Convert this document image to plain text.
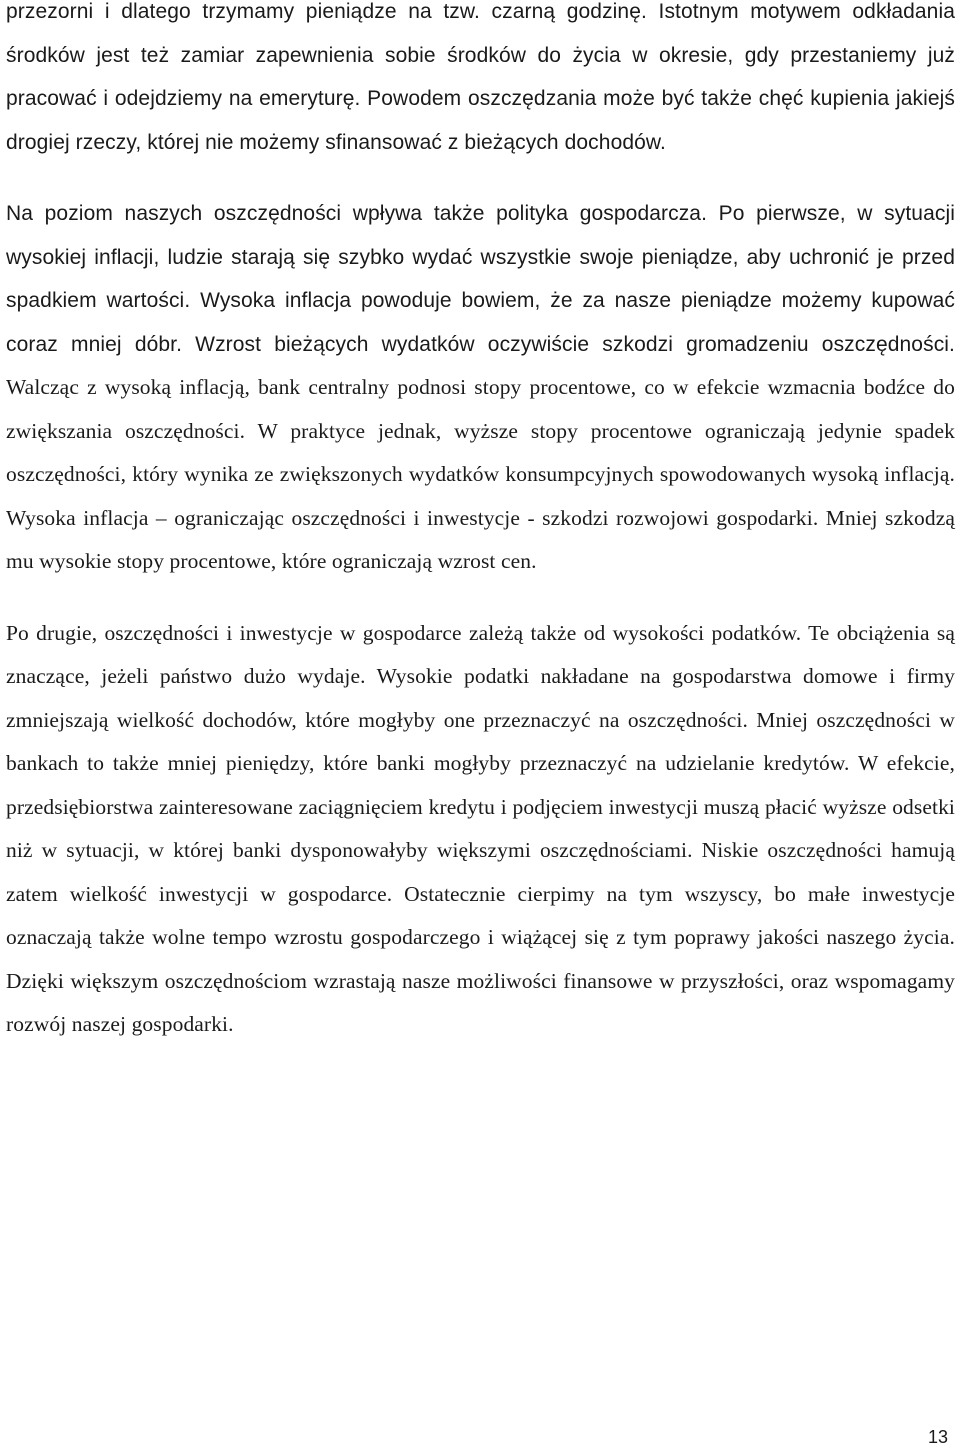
przezorni i dlatego trzymamy pieniądze na tzw. czarną godzinę. Istotnym motywem odkładania środków jest też zamiar zapewnienia sobie środków do życia w okresie, gdy przestaniemy już pracować i odejdziemy na emeryturę. Powodem oszczędzania może być także chęć kupienia jakiejś drogiej rzeczy, której nie możemy sfinansować z bieżących dochodów.

Na poziom naszych oszczędności wpływa także polityka gospodarcza. Po pierwsze, w sytuacji wysokiej inflacji, ludzie starają się szybko wydać wszystkie swoje pieniądze, aby uchronić je przed spadkiem wartości. Wysoka inflacja powoduje bowiem, że za nasze pieniądze możemy kupować coraz mniej dóbr. Wzrost bieżących wydatków oczywiście szkodzi gromadzeniu oszczędności. Walcząc z wysoką inflacją, bank centralny podnosi stopy procentowe, co w efekcie wzmacnia bodźce do zwiększania oszczędności. W praktyce jednak, wyższe stopy procentowe ograniczają jedynie spadek oszczędności, który wynika ze zwiększonych wydatków konsumpcyjnych spowodowanych wysoką inflacją. Wysoka inflacja – ograniczając oszczędności i inwestycje - szkodzi rozwojowi gospodarki. Mniej szkodzą mu wysokie stopy procentowe, które ograniczają wzrost cen.

Po drugie, oszczędności i inwestycje w gospodarce zależą także od wysokości podatków. Te obciążenia są znaczące, jeżeli państwo dużo wydaje. Wysokie podatki nakładane na gospodarstwa domowe i firmy zmniejszają wielkość dochodów, które mogłyby one przeznaczyć na oszczędności. Mniej oszczędności w bankach to także mniej pieniędzy, które banki mogłyby przeznaczyć na udzielanie kredytów. W efekcie, przedsiębiorstwa zainteresowane zaciągnięciem kredytu i podjęciem inwestycji muszą płacić wyższe odsetki niż w sytuacji, w której banki dysponowałyby większymi oszczędnościami. Niskie oszczędności hamują zatem wielkość inwestycji w gospodarce. Ostatecznie cierpimy na tym wszyscy, bo małe inwestycje oznaczają także wolne tempo wzrostu gospodarczego i wiążącej się z tym poprawy jakości naszego życia. Dzięki większym oszczędnościom wzrastają nasze możliwości finansowe w przyszłości, oraz wspomagamy rozwój naszej gospodarki.

13
